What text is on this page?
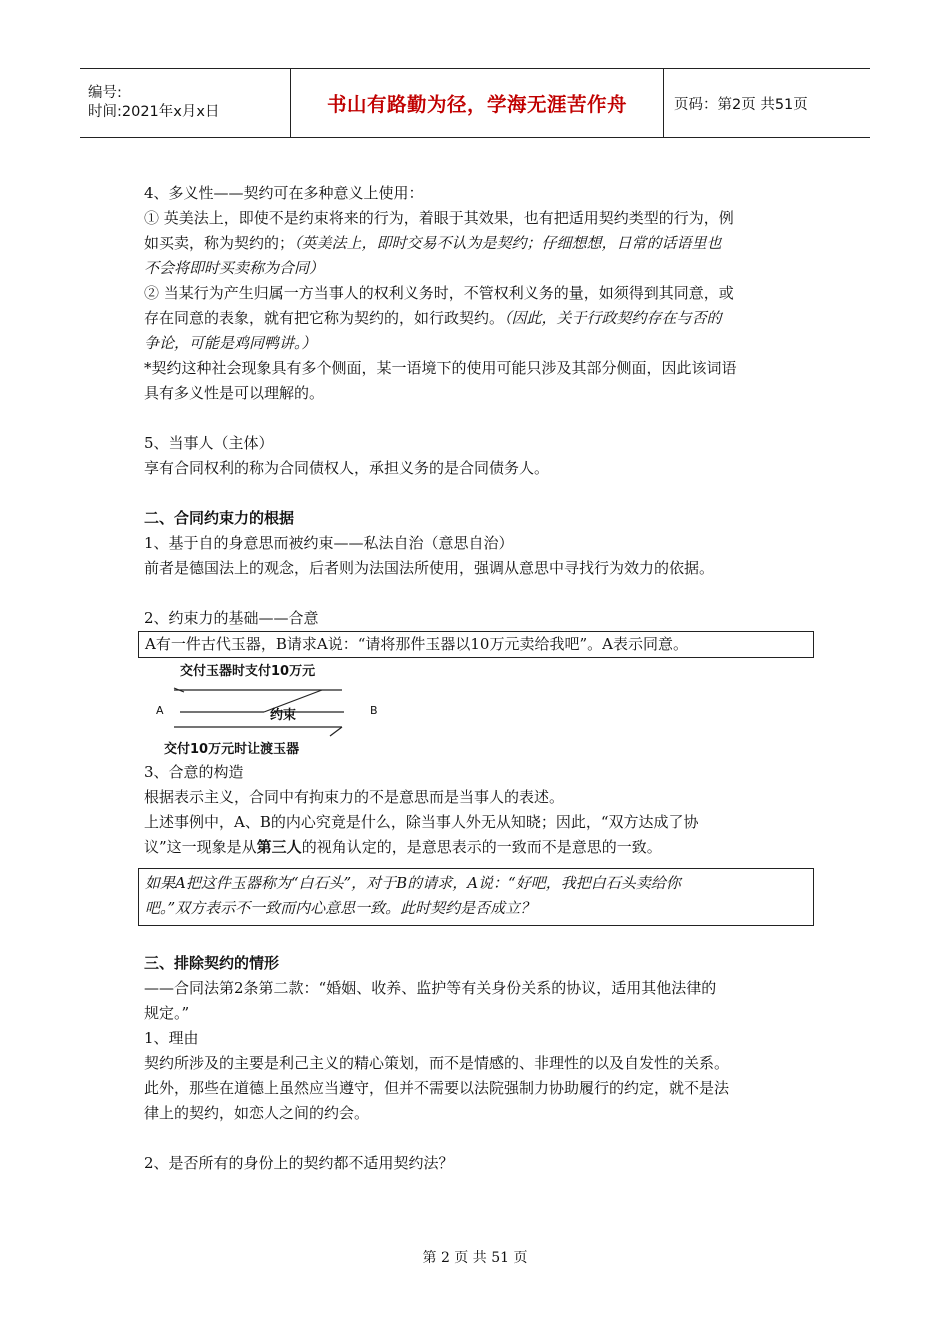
编号:
时间:2021年x月x日	书山有路勤为径，学海无涯苦作舟	页码：第2页 共51页
4、多义性——契约可在多种意义上使用：
① 英美法上，即使不是约束将来的行为，着眼于其效果，也有把适用契约类型的行为，例
如买卖，称为契约的；（英美法上，即时交易不认为是契约；仔细想想，日常的话语里也
不会将即时买卖称为合同）
② 当某行为产生归属一方当事人的权利义务时，不管权利义务的量，如须得到其同意，或
存在同意的表象，就有把它称为契约的，如行政契约。（因此，关于行政契约存在与否的
争论，可能是鸡同鸭讲。）
*契约这种社会现象具有多个侧面，某一语境下的使用可能只涉及其部分侧面，因此该词语
具有多义性是可以理解的。
5、当事人（主体）
享有合同权利的称为合同债权人，承担义务的是合同债务人。
二、合同约束力的根据
1、基于自的身意思而被约束——私法自治（意思自治）
前者是德国法上的观念，后者则为法国法所使用，强调从意思中寻找行为效力的依据。
2、约束力的基础——合意
A有一件古代玉器，B请求A说：“请将那件玉器以10万元卖给我吧”。A表示同意。
交付玉器时支付10万元
约束
交付10万元时让渡玉器
A	B
3、合意的构造
根据表示主义，合同中有拘束力的不是意思而是当事人的表述。
上述事例中，A、B的内心究竟是什么，除当事人外无从知晓；因此，“双方达成了协
议”这一现象是从第三人的视角认定的，是意思表示的一致而不是意思的一致。
如果A把这件玉器称为“白石头”，对于B的请求，A说：“好吧，我把白石头卖给你
吧。”双方表示不一致而内心意思一致。此时契约是否成立？
三、排除契约的情形
——合同法第2条第二款：“婚姻、收养、监护等有关身份关系的协议，适用其他法律的
规定。”
1、理由
契约所涉及的主要是利己主义的精心策划，而不是情感的、非理性的以及自发性的关系。
此外，那些在道德上虽然应当遵守，但并不需要以法院强制力协助履行的约定，就不是法
律上的契约，如恋人之间的约会。
2、是否所有的身份上的契约都不适用契约法？
第 2 页 共 51 页
